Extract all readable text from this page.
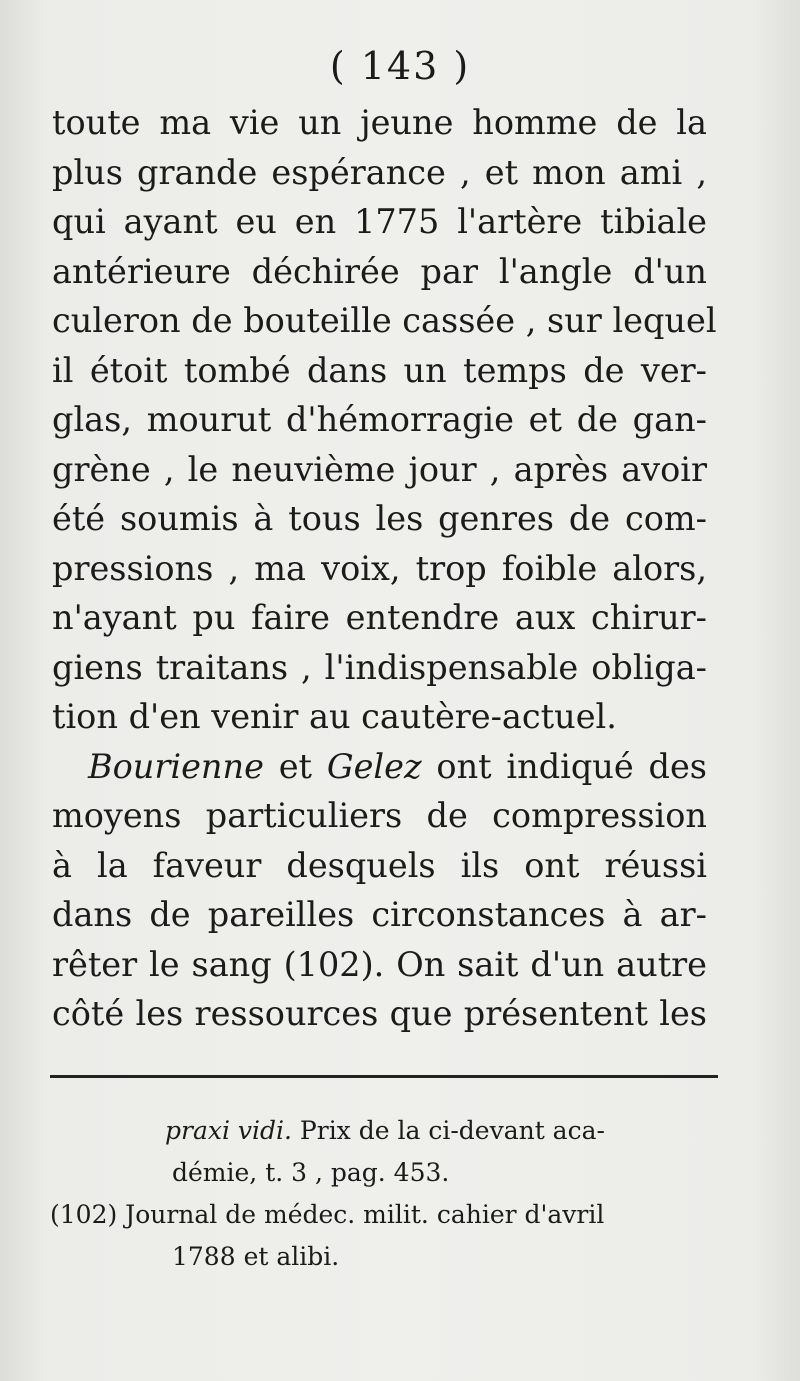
( 143 )
toute ma vie un jeune homme de la
plus grande espérance , et mon ami ,
qui ayant eu en 1775 l'artère tibiale
antérieure déchirée par l'angle d'un
culeron de bouteille cassée , sur lequel
il étoit tombé dans un temps de ver-
glas, mourut d'hémorragie et de gan-
grène , le neuvième jour , après avoir
été soumis à tous les genres de com-
pressions , ma voix, trop foible alors,
n'ayant pu faire entendre aux chirur-
giens traitans , l'indispensable obliga-
tion d'en venir au cautère-actuel.
Bourienne et Gelez ont indiqué des
moyens particuliers de compression
à la faveur desquels ils ont réussi
dans de pareilles circonstances à ar-
rêter le sang (102). On sait d'un autre
côté les ressources que présentent les
praxi vidi. Prix de la ci-devant aca-
démie, t. 3 , pag. 453.
(102) Journal de médec. milit. cahier d'avril
1788 et alibi.
